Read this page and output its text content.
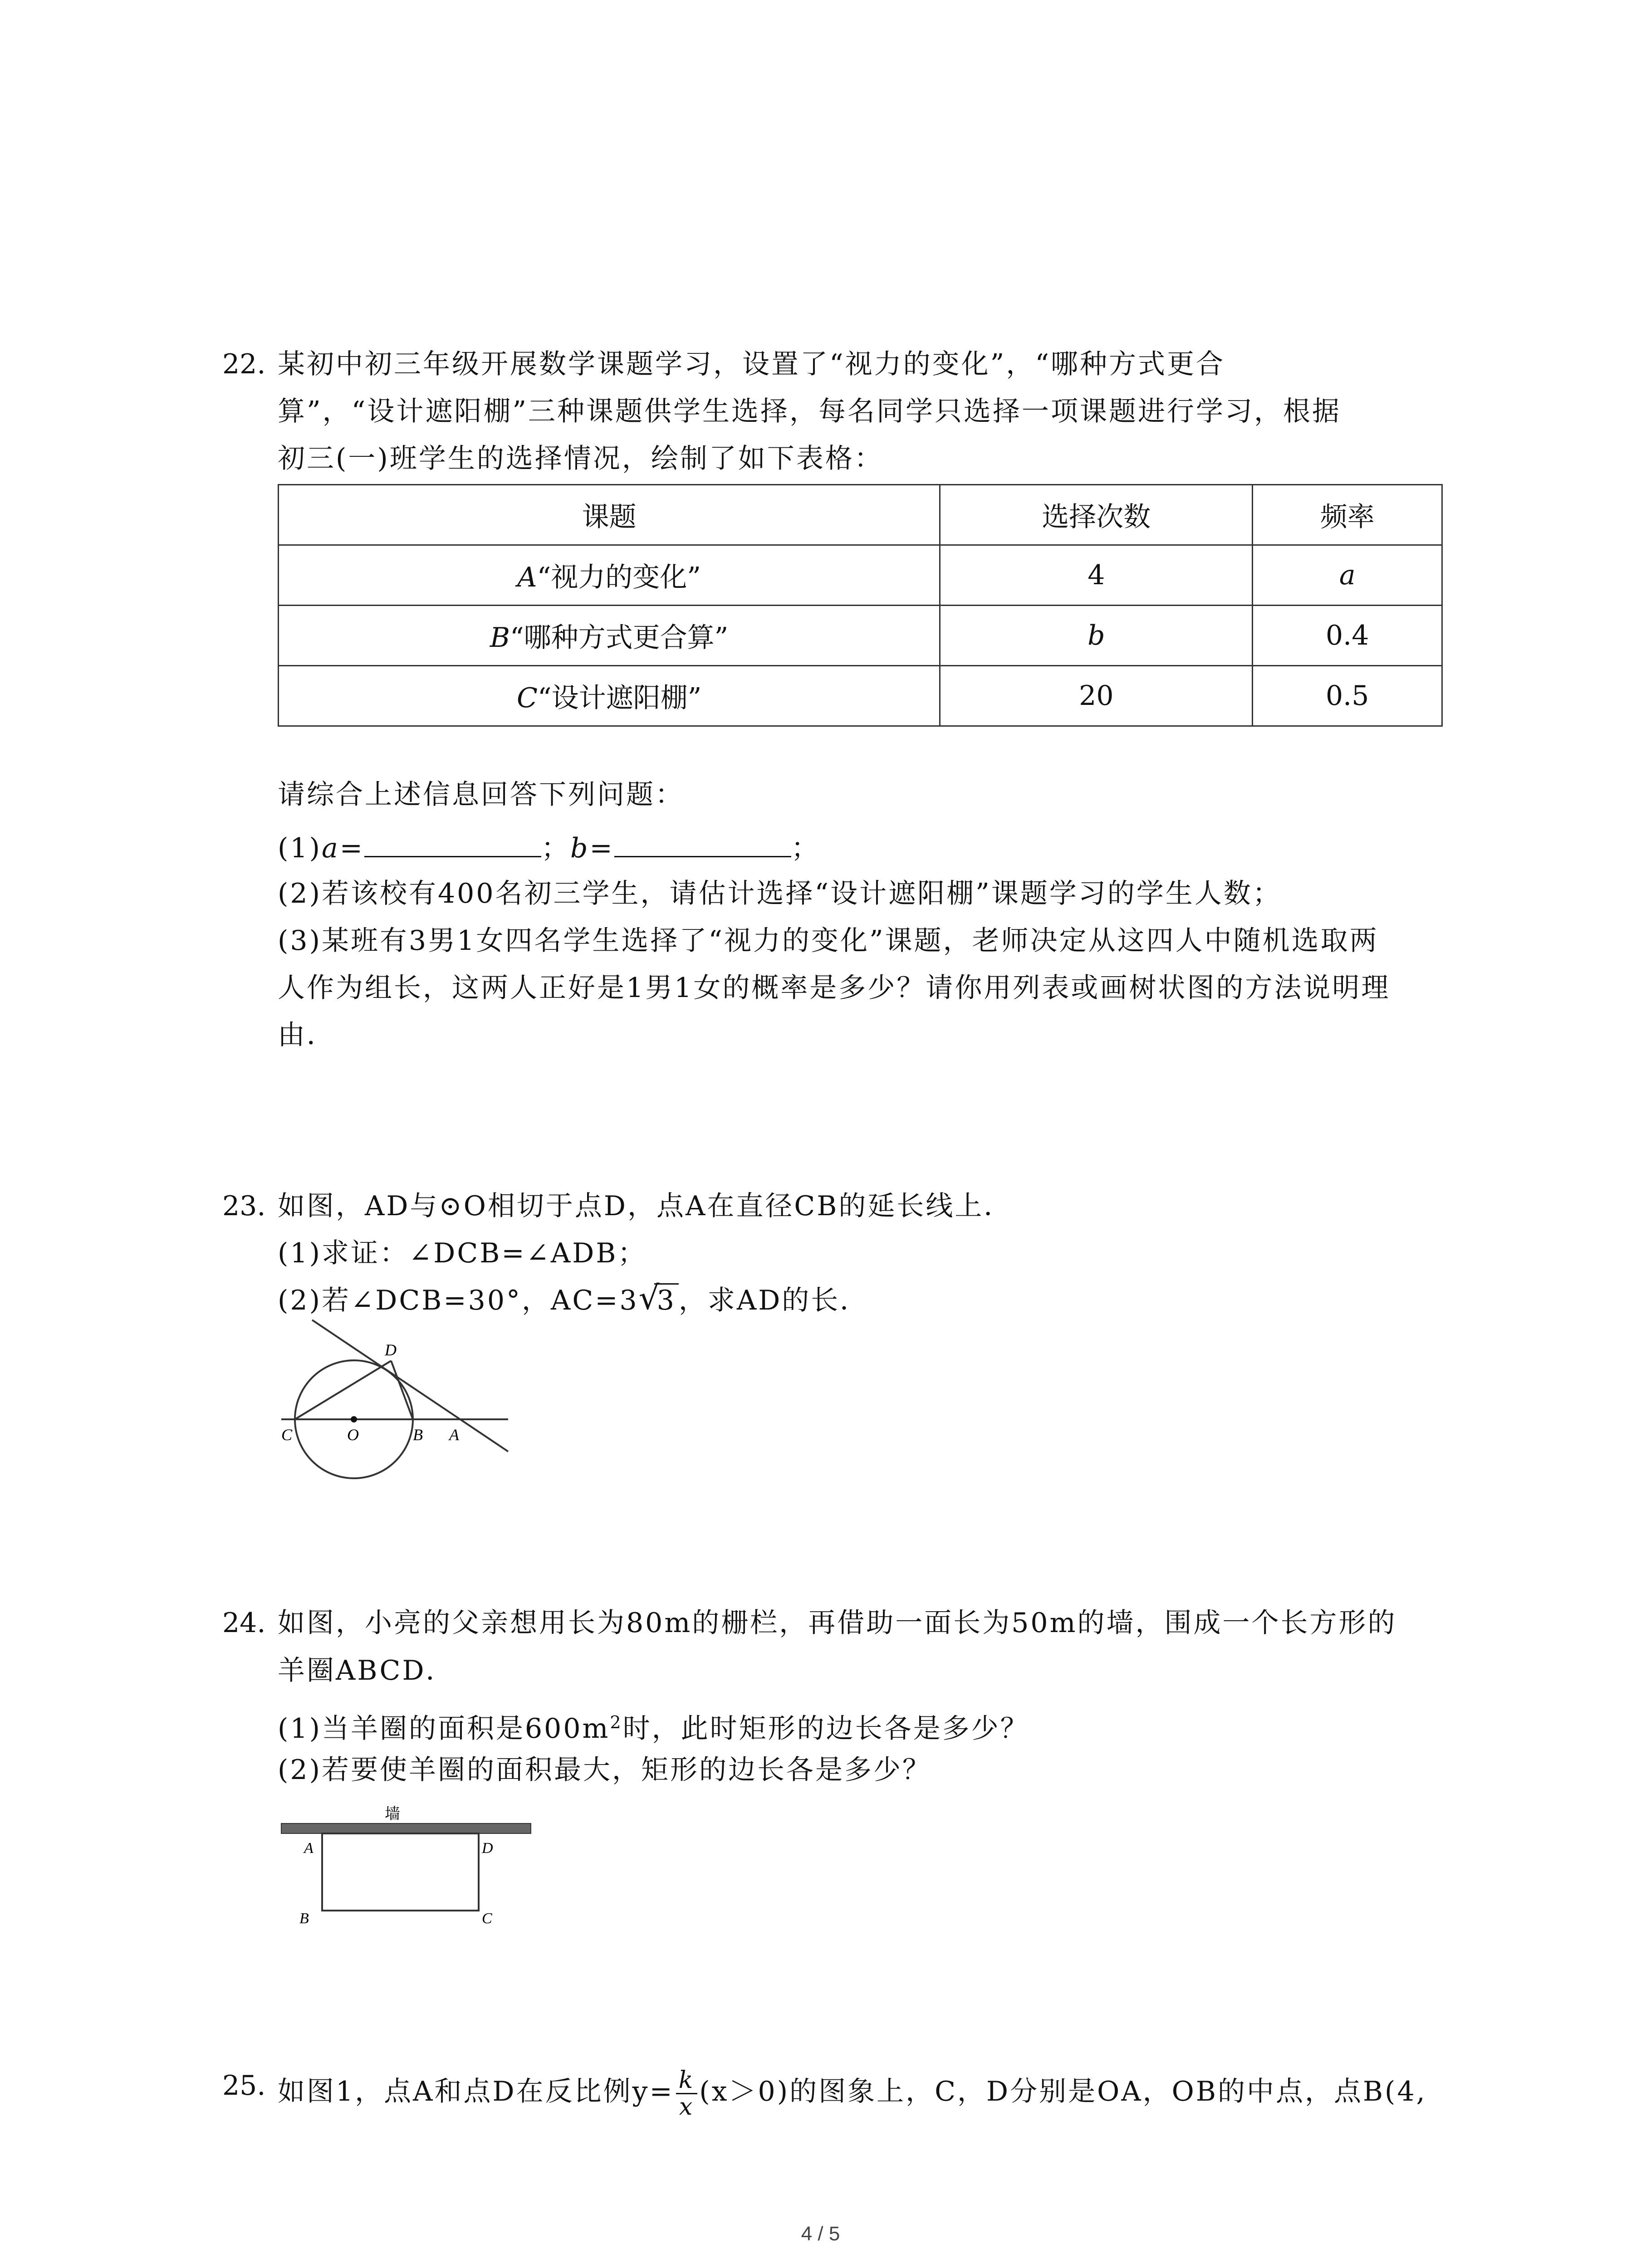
22. 某初中初三年级开展数学课题学习，设置了“视力的变化”，“哪种方式更合
算”，“设计遮阳棚”三种课题供学生选择，每名同学只选择一项课题进行学习，根据
初三(一)班学生的选择情况，绘制了如下表格：
课题	选择次数	频率
A“视力的变化”	4	a
B“哪种方式更合算”	b	0.4
C“设计遮阳棚”	20	0.5
请综合上述信息回答下列问题：
(1)a=	；b=	；
(2)若该校有400名初三学生，请估计选择“设计遮阳棚”课题学习的学生人数；
(3)某班有3男1女四名学生选择了“视力的变化”课题，老师决定从这四人中随机选取两
人作为组长，这两人正好是1男1女的概率是多少？请你用列表或画树状图的方法说明理
由．
23. 如图，AD与⊙O相切于点D，点A在直径CB的延长线上．
(1)求证：∠DCB=∠ADB；
(2)若∠DCB=30°，AC=3 √
3 ，求AD的长．
C	O	B A
D
24. 如图，小亮的父亲想用长为80m的栅栏，再借助一面长为50m的墙，围成一个长方形的
羊圈ABCD．
(1)当羊圈的面积是$600m^2$时，此时矩形的边长各是多少？
(2)若要使羊圈的面积最大，矩形的边长各是多少？
墙
A
B	C
D
25. 如图1，点A和点D在反比例$y= \frac{k}{x} (x>0)$的图象上，C，D分别是OA，OB的中点，点B(4,
4 / 5
